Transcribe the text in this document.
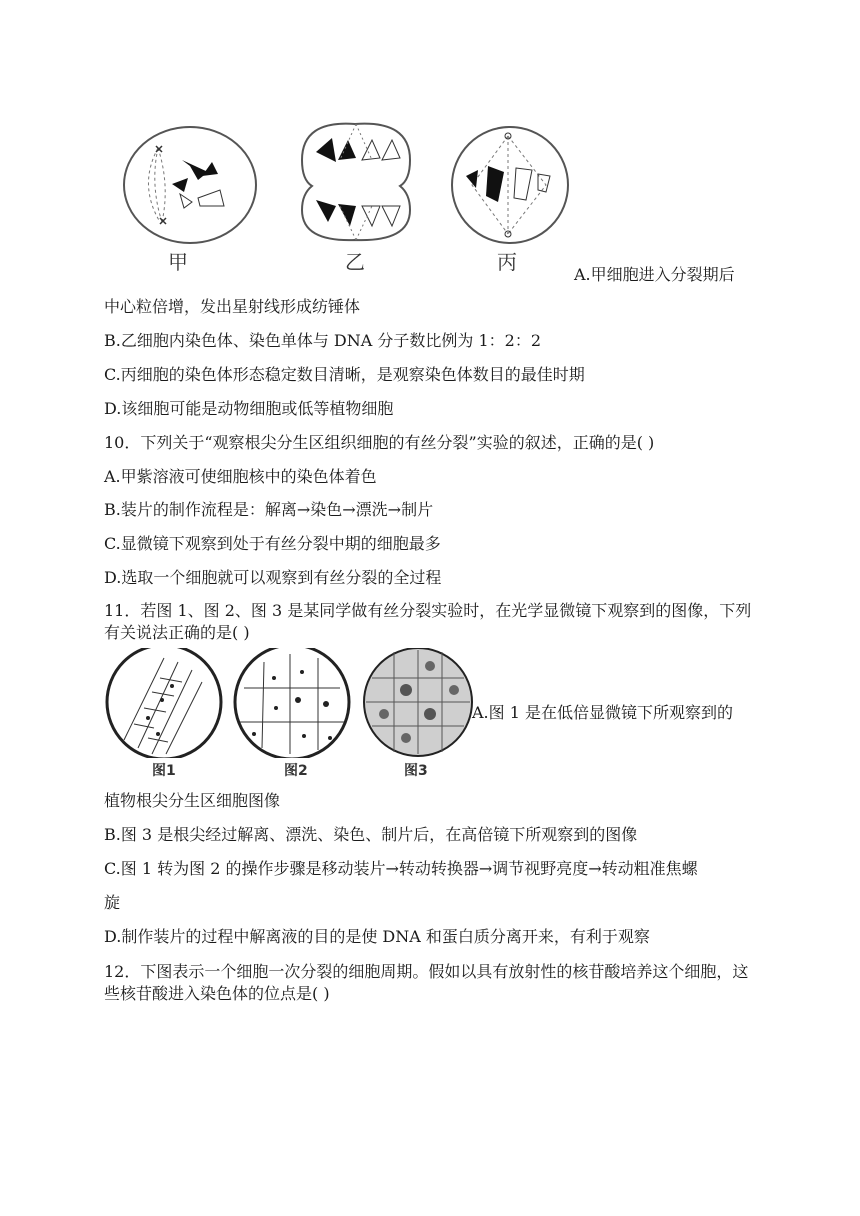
甲	乙	丙
A.甲细胞进入分裂期后
中心粒倍增，发出星射线形成纺锤体
B.乙细胞内染色体、染色单体与 DNA 分子数比例为 1：2：2
C.丙细胞的染色体形态稳定数目清晰，是观察染色体数目的最佳时期
D.该细胞可能是动物细胞或低等植物细胞
10．下列关于“观察根尖分生区组织细胞的有丝分裂”实验的叙述，正确的是( )
A.甲紫溶液可使细胞核中的染色体着色
B.装片的制作流程是：解离→染色→漂洗→制片
C.显微镜下观察到处于有丝分裂中期的细胞最多
D.选取一个细胞就可以观察到有丝分裂的全过程
11．若图 1、图 2、图 3 是某同学做有丝分裂实验时，在光学显微镜下观察到的图像，下列有关说法正确的是( )
图1	图2	图3
A.图 1 是在低倍显微镜下所观察到的
植物根尖分生区细胞图像
B.图 3 是根尖经过解离、漂洗、染色、制片后，在高倍镜下所观察到的图像
C.图 1 转为图 2 的操作步骤是移动装片→转动转换器→调节视野亮度→转动粗准焦螺
旋
D.制作装片的过程中解离液的目的是使 DNA 和蛋白质分离开来，有利于观察
12．下图表示一个细胞一次分裂的细胞周期。假如以具有放射性的核苷酸培养这个细胞，这些核苷酸进入染色体的位点是( )
